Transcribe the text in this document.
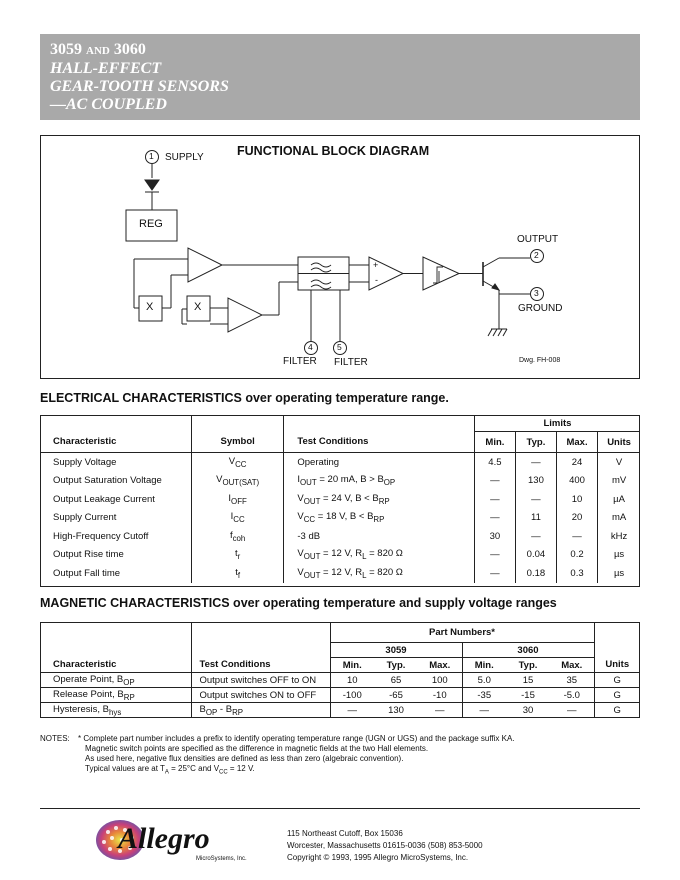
3059 AND 3060
HALL-EFFECT
GEAR-TOOTH SENSORS
—AC COUPLED
FUNCTIONAL BLOCK DIAGRAM
1 SUPPLY
REG
X	X
+
-
OUTPUT
2
3
GROUND
4	5
FILTER FILTER	Dwg. FH-008
ELECTRICAL CHARACTERISTICS over operating temperature range.
			Limits			
Characteristic	Symbol	Test Conditions	Min.	Typ.	Max.	Units
Supply Voltage	$V_{CC}$	Operating	4.5	—	24	V
Output Saturation Voltage	$V_{OUT(SAT)}$	$I_{OUT} = 20$ mA, $B > B_{OP}$	—	130	400	mV
Output Leakage Current	$I_{OFF}$	$V_{OUT} = 24$ V, $B < B_{RP}$	—	—	10	µA
Supply Current	$I_{CC}$	$V_{CC} = 18$ V, $B < B_{RP}$	—	11	20	mA
High-Frequency Cutoff	$f_{coh}$	-3 dB	30	—	—	kHz
Output Rise time	$t_r$	$V_{OUT} = 12$ V, $R_L = 820$ Ω	—	0.04	0.2	µs
Output Fall time	$t_f$	$V_{OUT} = 12$ V, $R_L = 820$ Ω	—	0.18	0.3	µs
MAGNETIC CHARACTERISTICS over operating temperature and supply voltage ranges
		Part Numbers*						
		3059			3060			
Characteristic	Test Conditions	Min.	Typ.	Max.	Min.	Typ.	Max.	Units
Operate Point, $B_{OP}$	Output switches OFF to ON	10	65	100	5.0	15	35	G
Release Point, $B_{RP}$	Output switches ON to OFF	-100	-65	-10	-35	-15	-5.0	G
Hysteresis, $B_{hys}$	$B_{OP} - B_{RP}$	—	130	—	—	30	—	G
NOTES: * Complete part number includes a prefix to identify operating temperature range (UGN or UGS) and the package suffix KA.
Magnetic switch points are specified as the difference in magnetic fields at the two Hall elements.
As used here, negative flux densities are defined as less than zero (algebraic convention).
Typical values are at $T_A = 25^\circ C$ and $V_{CC} = 12$ V.
Allegro
MicroSystems, Inc.
115 Northeast Cutoff, Box 15036
Worcester, Massachusetts 01615-0036 (508) 853-5000
Copyright © 1993, 1995 Allegro MicroSystems, Inc.
